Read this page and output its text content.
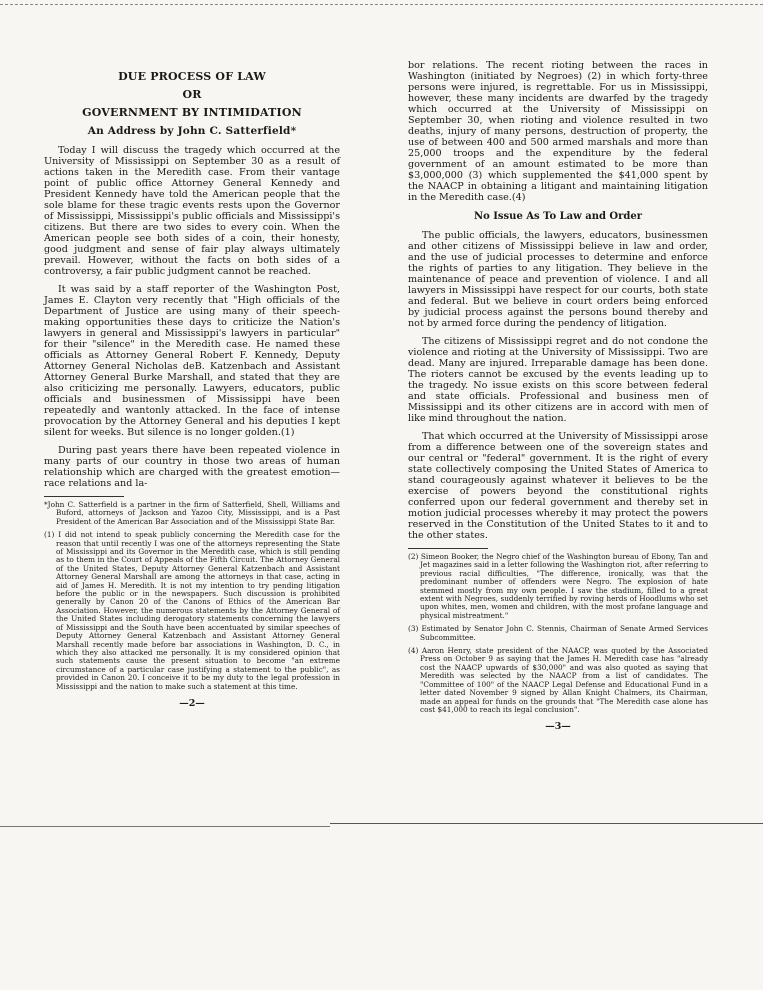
DUE PROCESS OF LAW
OR
GOVERNMENT BY INTIMIDATION
An Address by John C. Satterfield*

Today I will discuss the tragedy which occurred at the University of Mississippi on September 30 as a result of actions taken in the Meredith case. From their vantage point of public office Attorney General Kennedy and President Kennedy have told the American people that the sole blame for these tragic events rests upon the Governor of Mississippi, Mississippi's public officials and Mississippi's citizens. But there are two sides to every coin. When the American people see both sides of a coin, their honesty, good judgment and sense of fair play always ultimately prevail. However, without the facts on both sides of a controversy, a fair public judgment cannot be reached.

It was said by a staff reporter of the Washington Post, James E. Clayton very recently that "High officials of the Department of Justice are using many of their speech-making opportunities these days to criticize the Nation's lawyers in general and Mississippi's lawyers in particular" for their "silence" in the Meredith case. He named these officials as Attorney General Robert F. Kennedy, Deputy Attorney General Nicholas deB. Katzenbach and Assistant Attorney General Burke Marshall, and stated that they are also criticizing me personally. Lawyers, educators, public officials and businessmen of Mississippi have been repeatedly and wantonly attacked. In the face of intense provocation by the Attorney General and his deputies I kept silent for weeks. But silence is no longer golden.(1)

During past years there have been repeated violence in many parts of our country in those two areas of human relationship which are charged with the greatest emotion—race relations and la-

*John C. Satterfield is a partner in the firm of Satterfield, Shell, Williams and Buford, attorneys of Jackson and Yazoo City, Mississippi, and is a Past President of the American Bar Association and of the Mississippi State Bar.
(1) I did not intend to speak publicly concerning the Meredith case for the reason that until recently I was one of the attorneys representing the State of Mississippi and its Governor in the Meredith case, which is still pending as to them in the Court of Appeals of the Fifth Circuit. The Attorney General of the United States, Deputy Attorney General Katzenbach and Assistant Attorney General Marshall are among the attorneys in that case, acting in aid of James H. Meredith. It is not my intention to try pending litigation before the public or in the newspapers. Such discussion is prohibited generally by Canon 20 of the Canons of Ethics of the American Bar Association. However, the numerous statements by the Attorney General of the United States including derogatory statements concerning the lawyers of Mississippi and the South have been accentuated by similar speeches of Deputy Attorney General Katzenbach and Assistant Attorney General Marshall recently made before bar associations in Washington, D. C., in which they also attacked me personally. It is my considered opinion that such statements cause the present situation to become "an extreme circumstance of a particular case justifying a statement to the public", as provided in Canon 20. I conceive it to be my duty to the legal profession in Mississippi and the nation to make such a statement at this time.
—2—

bor relations. The recent rioting between the races in Washington (initiated by Negroes) (2) in which forty-three persons were injured, is regrettable. For us in Mississippi, however, these many incidents are dwarfed by the tragedy which occurred at the University of Mississippi on September 30, when rioting and violence resulted in two deaths, injury of many persons, destruction of property, the use of between 400 and 500 armed marshals and more than 25,000 troops and the expenditure by the federal government of an amount estimated to be more than $3,000,000 (3) which supplemented the $41,000 spent by the NAACP in obtaining a litigant and maintaining litigation in the Meredith case.(4)

No Issue As To Law and Order

The public officials, the lawyers, educators, businessmen and other citizens of Mississippi believe in law and order, and the use of judicial processes to determine and enforce the rights of parties to any litigation. They believe in the maintenance of peace and prevention of violence. I and all lawyers in Mississippi have respect for our courts, both state and federal. But we believe in court orders being enforced by judicial process against the persons bound thereby and not by armed force during the pendency of litigation.

The citizens of Mississippi regret and do not condone the violence and rioting at the University of Mississippi. Two are dead. Many are injured. Irreparable damage has been done. The rioters cannot be excused by the events leading up to the tragedy. No issue exists on this score between federal and state officials. Professional and business men of Mississippi and its other citizens are in accord with men of like mind throughout the nation.

That which occurred at the University of Mississippi arose from a difference between one of the sovereign states and our central or "federal" government. It is the right of every state collectively composing the United States of America to stand courageously against whatever it believes to be the exercise of powers beyond the constitutional rights conferred upon our federal government and thereby set in motion judicial processes whereby it may protect the powers reserved in the Constitution of the United States to it and to the other states.

(2) Simeon Booker, the Negro chief of the Washington bureau of Ebony, Tan and Jet magazines said in a letter following the Washington riot, after referring to previous racial difficulties, "The difference, ironically, was that the predominant number of offenders were Negro. The explosion of hate stemmed mostly from my own people. I saw the stadium, filled to a great extent with Negroes, suddenly terrified by roving herds of Hoodlums who set upon whites, men, women and children, with the most profane language and physical mistreatment."
(3) Estimated by Senator John C. Stennis, Chairman of Senate Armed Services Subcommittee.
(4) Aaron Henry, state president of the NAACP, was quoted by the Associated Press on October 9 as saying that the James H. Meredith case has "already cost the NAACP upwards of $30,000" and was also quoted as saying that Meredith was selected by the NAACP from a list of candidates. The "Committee of 100" of the NAACP Legal Defense and Educational Fund in a letter dated November 9 signed by Allan Knight Chalmers, its Chairman, made an appeal for funds on the grounds that "The Meredith case alone has cost $41,000 to reach its legal conclusion".
—3—
